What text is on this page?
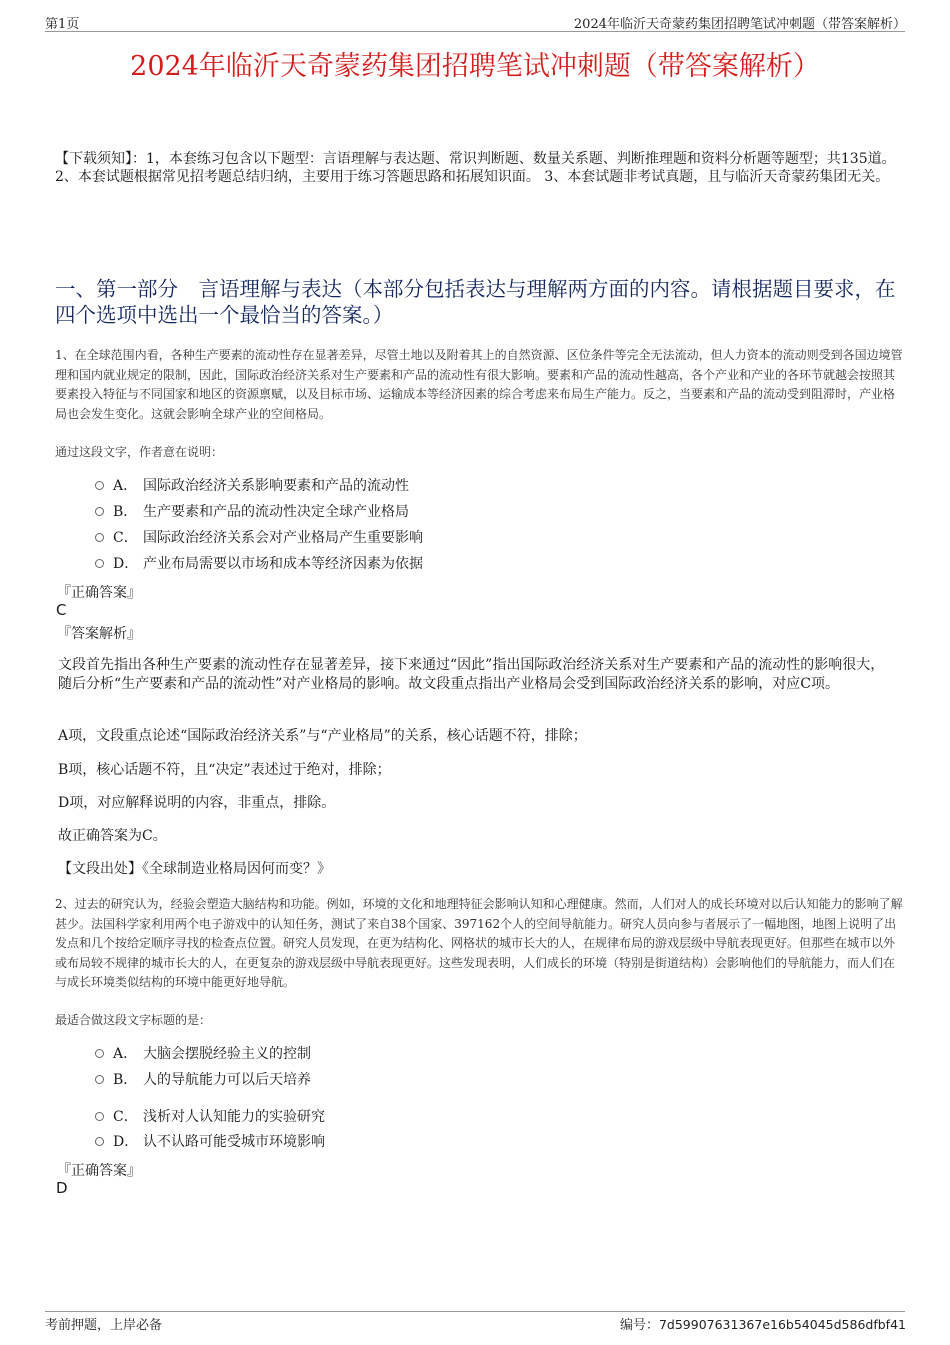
第1页	2024年临沂天奇蒙药集团招聘笔试冲刺题（带答案解析）
2024年临沂天奇蒙药集团招聘笔试冲刺题（带答案解析）
【下载须知】：1，本套练习包含以下题型：言语理解与表达题、常识判断题、数量关系题、判断推理题和资料分析题等题型；共135道。 2、本套试题根据常见招考题总结归纳，主要用于练习答题思路和拓展知识面。 3、本套试题非考试真题，且与临沂天奇蒙药集团无关。
一、第一部分　言语理解与表达（本部分包括表达与理解两方面的内容。请根据题目要求，在四个选项中选出一个最恰当的答案。）
1、在全球范围内看，各种生产要素的流动性存在显著差异，尽管土地以及附着其上的自然资源、区位条件等完全无法流动，但人力资本的流动则受到各国边境管理和国内就业规定的限制，因此，国际政治经济关系对生产要素和产品的流动性有很大影响。要素和产品的流动性越高，各个产业和产业的各环节就越会按照其要素投入特征与不同国家和地区的资源禀赋，以及目标市场、运输成本等经济因素的综合考虑来布局生产能力。反之，当要素和产品的流动受到阻滞时，产业格局也会发生变化。这就会影响全球产业的空间格局。
通过这段文字，作者意在说明：
A． 国际政治经济关系影响要素和产品的流动性
B． 生产要素和产品的流动性决定全球产业格局
C． 国际政治经济关系会对产业格局产生重要影响
D． 产业布局需要以市场和成本等经济因素为依据
『正确答案』
C
『答案解析』
文段首先指出各种生产要素的流动性存在显著差异，接下来通过“因此”指出国际政治经济关系对生产要素和产品的流动性的影响很大，随后分析“生产要素和产品的流动性”对产业格局的影响。故文段重点指出产业格局会受到国际政治经济关系的影响，对应C项。
A项，文段重点论述“国际政治经济关系”与“产业格局”的关系，核心话题不符，排除；
B项，核心话题不符，且“决定”表述过于绝对，排除；
D项，对应解释说明的内容，非重点，排除。
故正确答案为C。
【文段出处】《全球制造业格局因何而变？》
2、过去的研究认为，经验会塑造大脑结构和功能。例如，环境的文化和地理特征会影响认知和心理健康。然而，人们对人的成长环境对以后认知能力的影响了解甚少。法国科学家利用两个电子游戏中的认知任务，测试了来自38个国家、397162个人的空间导航能力。研究人员向参与者展示了一幅地图，地图上说明了出发点和几个按给定顺序寻找的检查点位置。研究人员发现，在更为结构化、网格状的城市长大的人，在规律布局的游戏层级中导航表现更好。但那些在城市以外或布局较不规律的城市长大的人，在更复杂的游戏层级中导航表现更好。这些发现表明，人们成长的环境（特别是街道结构）会影响他们的导航能力，而人们在与成长环境类似结构的环境中能更好地导航。
最适合做这段文字标题的是：
A． 大脑会摆脱经验主义的控制
B． 人的导航能力可以后天培养
C． 浅析对人认知能力的实验研究
D． 认不认路可能受城市环境影响
『正确答案』
D
考前押题，上岸必备	编号：7d59907631367e16b54045d586dfbf41
